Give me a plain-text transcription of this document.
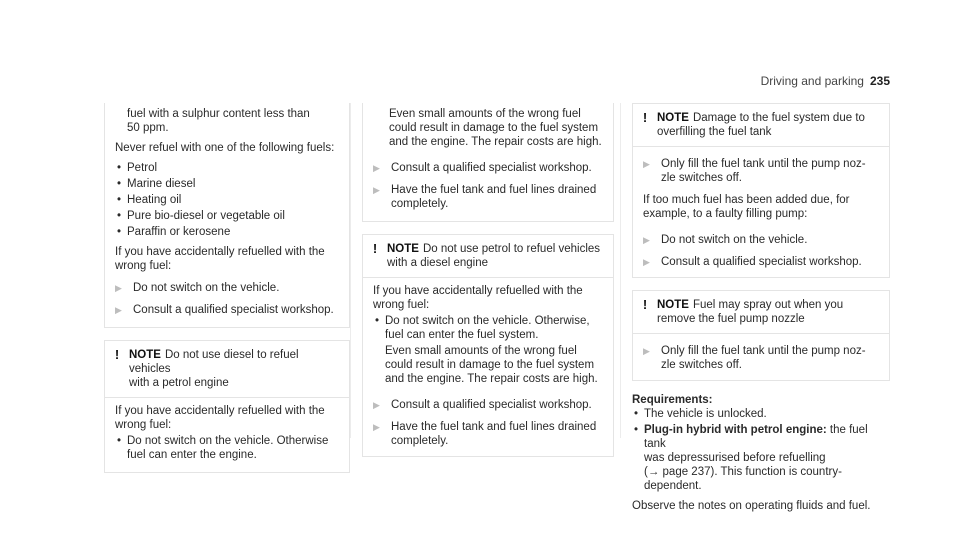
Driving and parking 235
fuel with a sulphur content less than
50 ppm.

Never refuel with one of the following fuels:

• Petrol
• Marine diesel
• Heating oil
• Pure bio-diesel or vegetable oil
• Paraffin or kerosene
If you have accidentally refuelled with the
wrong fuel:
▶ Do not switch on the vehicle.
▶ Consult a qualified specialist workshop.
! NOTE Do not use diesel to refuel vehicles
with a petrol engine
If you have accidentally refuelled with the
wrong fuel:
• Do not switch on the vehicle. Otherwise
fuel can enter the engine.
Even small amounts of the wrong fuel
could result in damage to the fuel system
and the engine. The repair costs are high.
▶ Consult a qualified specialist workshop.
▶ Have the fuel tank and fuel lines drained
completely.
! NOTE Do not use petrol to refuel vehicles
with a diesel engine
If you have accidentally refuelled with the
wrong fuel:
• Do not switch on the vehicle. Otherwise,
fuel can enter the fuel system.
Even small amounts of the wrong fuel
could result in damage to the fuel system
and the engine. The repair costs are high.
▶ Consult a qualified specialist workshop.
▶ Have the fuel tank and fuel lines drained
completely.
! NOTE Damage to the fuel system due to
overfilling the fuel tank
▶ Only fill the fuel tank until the pump noz-
zle switches off.
If too much fuel has been added due, for
example, to a faulty filling pump:
▶ Do not switch on the vehicle.
▶ Consult a qualified specialist workshop.
! NOTE Fuel may spray out when you
remove the fuel pump nozzle
▶ Only fill the fuel tank until the pump noz-
zle switches off.
Requirements:
• The vehicle is unlocked.
• Plug-in hybrid with petrol engine: the fuel tank
was depressurised before refuelling
(→ page 237). This function is country-
dependent.
Observe the notes on operating fluids and fuel.
